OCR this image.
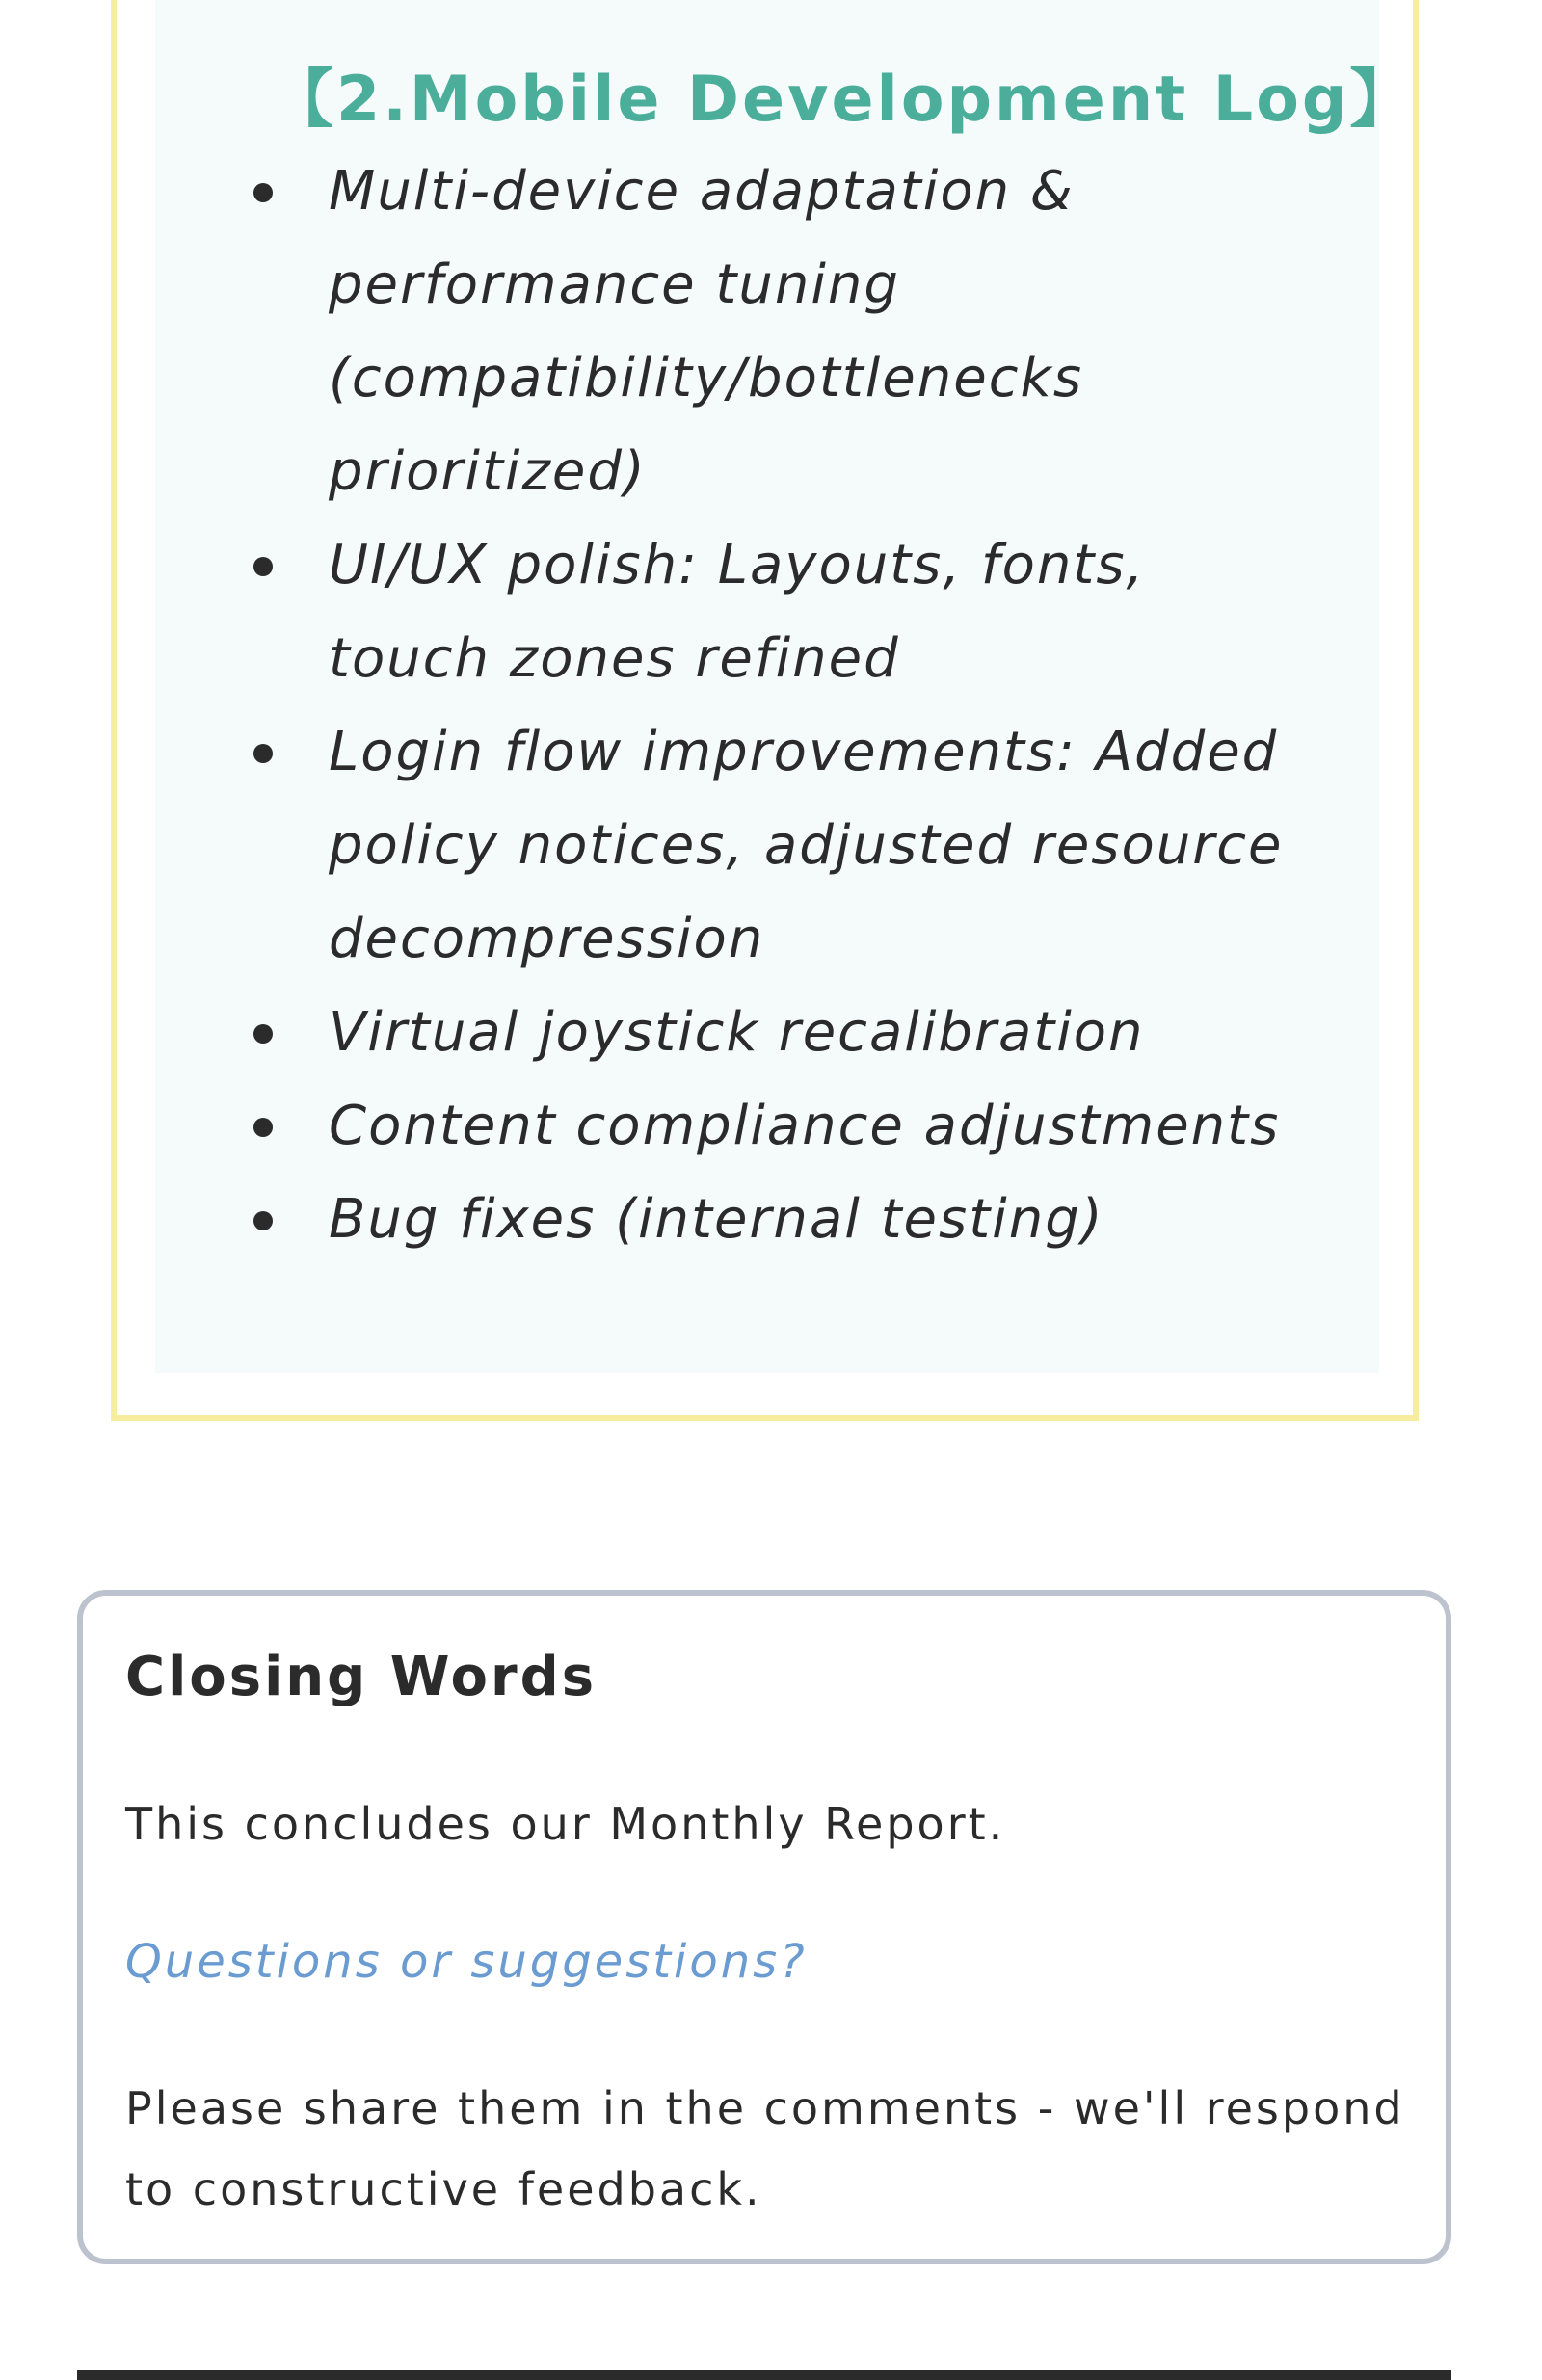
【2.Mobile Development Log】
Multi-device adaptation &
performance tuning
(compatibility/bottlenecks
prioritized)
UI/UX polish: Layouts, fonts,
touch zones refined
Login flow improvements: Added
policy notices, adjusted resource
decompression
Virtual joystick recalibration
Content compliance adjustments
Bug fixes (internal testing)
Closing Words
This concludes our Monthly Report.
Questions or suggestions?
Please share them in the comments - we'll respond to constructive feedback.
